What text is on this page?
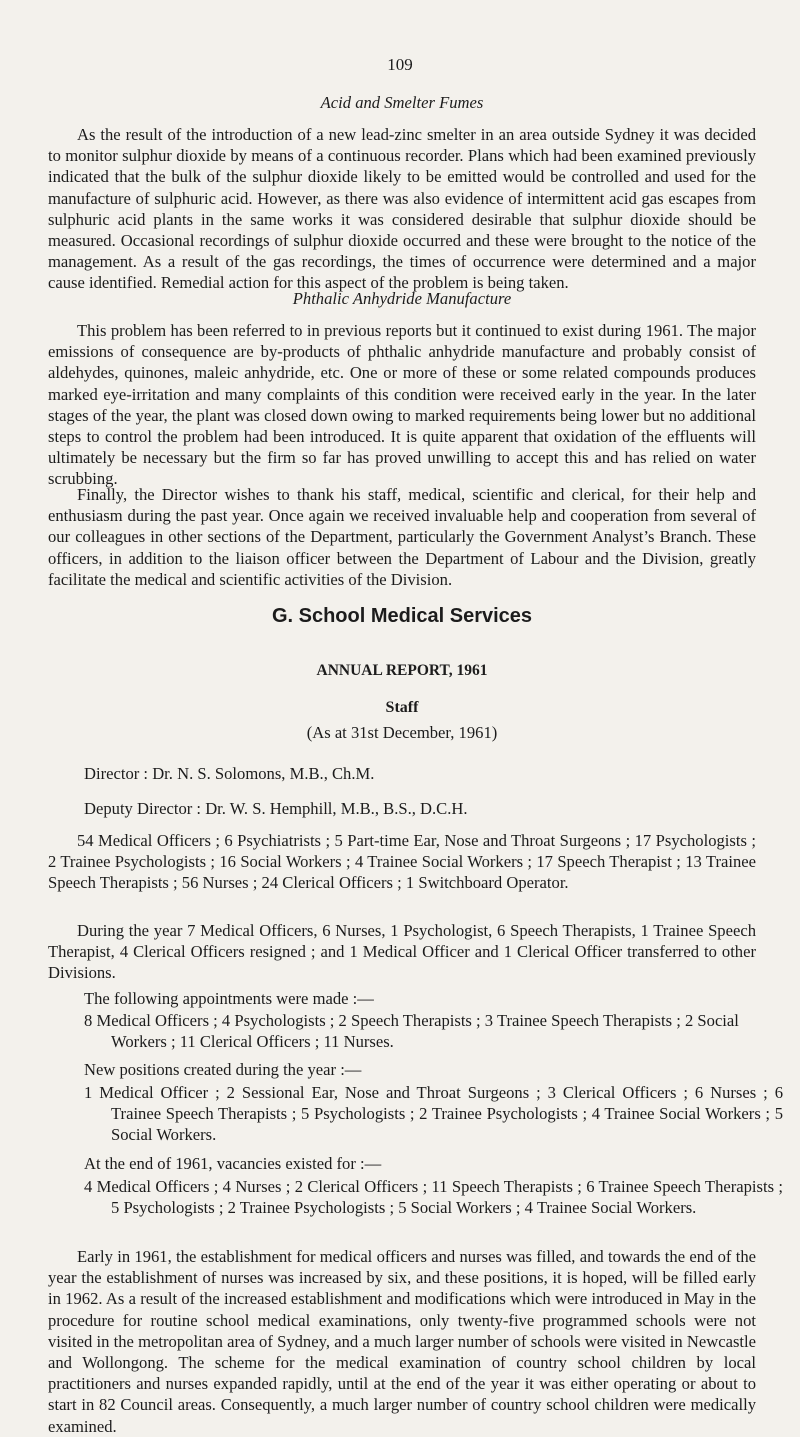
109
Acid and Smelter Fumes

As the result of the introduction of a new lead-zinc smelter in an area outside Sydney it was decided to monitor sulphur dioxide by means of a continuous recorder. Plans which had been examined previously indicated that the bulk of the sulphur dioxide likely to be emitted would be controlled and used for the manufacture of sulphuric acid. However, as there was also evidence of intermittent acid gas escapes from sulphuric acid plants in the same works it was considered desirable that sulphur dioxide should be measured. Occasional recordings of sulphur dioxide occurred and these were brought to the notice of the management. As a result of the gas recordings, the times of occurrence were determined and a major cause identified. Remedial action for this aspect of the problem is being taken.

Phthalic Anhydride Manufacture

This problem has been referred to in previous reports but it continued to exist during 1961. The major emissions of consequence are by-products of phthalic anhydride manufacture and probably consist of aldehydes, quinones, maleic anhydride, etc. One or more of these or some related compounds produces marked eye-irritation and many complaints of this condition were received early in the year. In the later stages of the year, the plant was closed down owing to marked requirements being lower but no additional steps to control the problem had been introduced. It is quite apparent that oxidation of the effluents will ultimately be necessary but the firm so far has proved unwilling to accept this and has relied on water scrubbing.

Finally, the Director wishes to thank his staff, medical, scientific and clerical, for their help and enthusiasm during the past year. Once again we received invaluable help and cooperation from several of our colleagues in other sections of the Department, particularly the Government Analyst’s Branch. These officers, in addition to the liaison officer between the Department of Labour and the Division, greatly facilitate the medical and scientific activities of the Division.

G. School Medical Services
ANNUAL REPORT, 1961
Staff
(As at 31st December, 1961)
Director : Dr. N. S. Solomons, M.B., Ch.M.
Deputy Director : Dr. W. S. Hemphill, M.B., B.S., D.C.H.

54 Medical Officers ; 6 Psychiatrists ; 5 Part-time Ear, Nose and Throat Surgeons ; 17 Psychologists ; 2 Trainee Psychologists ; 16 Social Workers ; 4 Trainee Social Workers ; 17 Speech Therapist ; 13 Trainee Speech Therapists ; 56 Nurses ; 24 Clerical Officers ; 1 Switchboard Operator.

During the year 7 Medical Officers, 6 Nurses, 1 Psychologist, 6 Speech Therapists, 1 Trainee Speech Therapist, 4 Clerical Officers resigned ; and 1 Medical Officer and 1 Clerical Officer transferred to other Divisions.

The following appointments were made :—
8 Medical Officers ; 4 Psychologists ; 2 Speech Therapists ; 3 Trainee Speech Therapists ; 2 Social Workers ; 11 Clerical Officers ; 11 Nurses.
New positions created during the year :—
1 Medical Officer ; 2 Sessional Ear, Nose and Throat Surgeons ; 3 Clerical Officers ; 6 Nurses ; 6 Trainee Speech Therapists ; 5 Psychologists ; 2 Trainee Psychologists ; 4 Trainee Social Workers ; 5 Social Workers.
At the end of 1961, vacancies existed for :—
4 Medical Officers ; 4 Nurses ; 2 Clerical Officers ; 11 Speech Therapists ; 6 Trainee Speech Therapists ; 5 Psychologists ; 2 Trainee Psychologists ; 5 Social Workers ; 4 Trainee Social Workers.

Early in 1961, the establishment for medical officers and nurses was filled, and towards the end of the year the establishment of nurses was increased by six, and these positions, it is hoped, will be filled early in 1962. As a result of the increased establishment and modifications which were introduced in May in the procedure for routine school medical examinations, only twenty-five programmed schools were not visited in the metropolitan area of Sydney, and a much larger number of schools were visited in Newcastle and Wollongong. The scheme for the medical examination of country school children by local practitioners and nurses expanded rapidly, until at the end of the year it was either operating or about to start in 82 Council areas. Consequently, a much larger number of country school children were medically examined.
